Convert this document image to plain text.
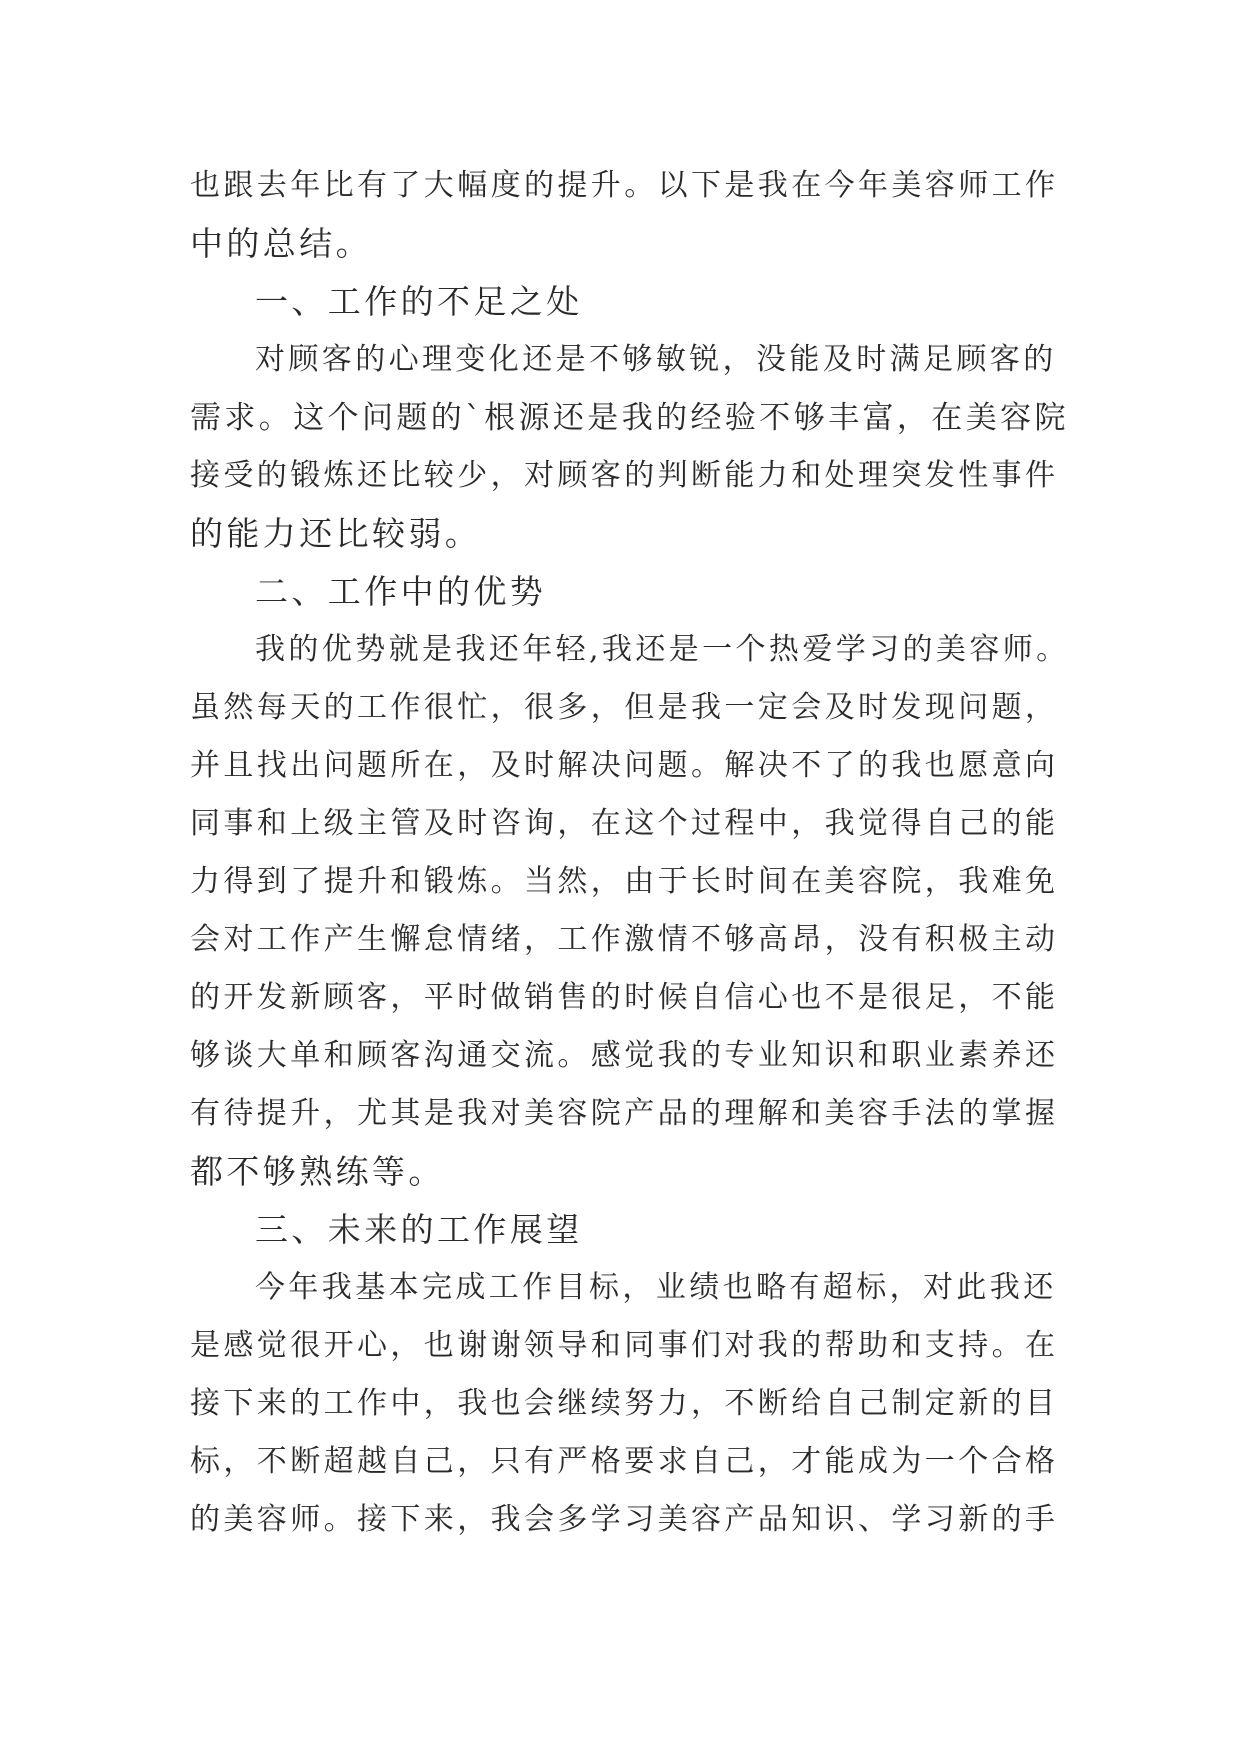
也跟去年比有了大幅度的提升。以下是我在今年美容师工作
中的总结。
一、工作的不足之处
对顾客的心理变化还是不够敏锐，没能及时满足顾客的
需求。这个问题的`根源还是我的经验不够丰富，在美容院
接受的锻炼还比较少，对顾客的判断能力和处理突发性事件
的能力还比较弱。
二、工作中的优势
我的优势就是我还年轻,我还是一个热爱学习的美容师。
虽然每天的工作很忙，很多，但是我一定会及时发现问题，
并且找出问题所在，及时解决问题。解决不了的我也愿意向
同事和上级主管及时咨询，在这个过程中，我觉得自己的能
力得到了提升和锻炼。当然，由于长时间在美容院，我难免
会对工作产生懈怠情绪，工作激情不够高昂，没有积极主动
的开发新顾客，平时做销售的时候自信心也不是很足，不能
够谈大单和顾客沟通交流。感觉我的专业知识和职业素养还
有待提升，尤其是我对美容院产品的理解和美容手法的掌握
都不够熟练等。
三、未来的工作展望
今年我基本完成工作目标，业绩也略有超标，对此我还
是感觉很开心，也谢谢领导和同事们对我的帮助和支持。在
接下来的工作中，我也会继续努力，不断给自己制定新的目
标，不断超越自己，只有严格要求自己，才能成为一个合格
的美容师。接下来，我会多学习美容产品知识、学习新的手
